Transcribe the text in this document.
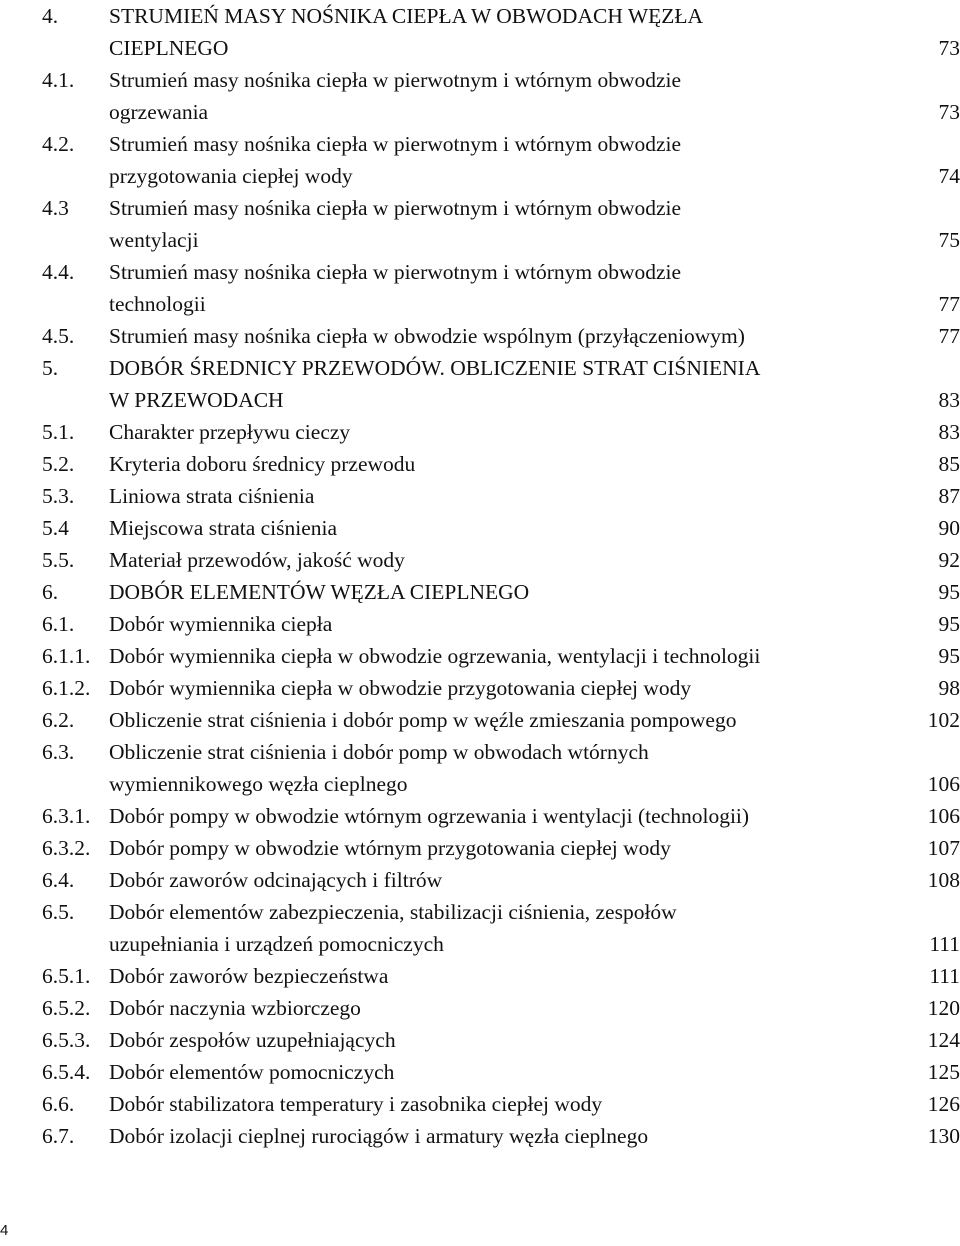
4.	STRUMIEŃ MASY NOŚNIKA CIEPŁA W OBWODACH WĘZŁA
CIEPLNEGO	73
4.1.	Strumień masy nośnika ciepła w pierwotnym i wtórnym obwodzie
ogrzewania	73
4.2.	Strumień masy nośnika ciepła w pierwotnym i wtórnym obwodzie
przygotowania ciepłej wody	74
4.3	Strumień masy nośnika ciepła w pierwotnym i wtórnym obwodzie
wentylacji	75
4.4.	Strumień masy nośnika ciepła w pierwotnym i wtórnym obwodzie
technologii	77
4.5.	Strumień masy nośnika ciepła w obwodzie wspólnym (przyłączeniowym)	77
5.	DOBÓR ŚREDNICY PRZEWODÓW. OBLICZENIE STRAT CIŚNIENIA
W PRZEWODACH	83
5.1.	Charakter przepływu cieczy	83
5.2.	Kryteria doboru średnicy przewodu	85
5.3.	Liniowa strata ciśnienia	87
5.4	Miejscowa strata ciśnienia	90
5.5.	Materiał przewodów, jakość wody	92
6.	DOBÓR ELEMENTÓW WĘZŁA CIEPLNEGO	95
6.1.	Dobór wymiennika ciepła	95
6.1.1. Dobór wymiennika ciepła w obwodzie ogrzewania, wentylacji i technologii	95
6.1.2. Dobór wymiennika ciepła w obwodzie przygotowania ciepłej wody	98
6.2.	Obliczenie strat ciśnienia i dobór pomp w węźle zmieszania pompowego	102
6.3.	Obliczenie strat ciśnienia i dobór pomp w obwodach wtórnych
wymiennikowego węzła cieplnego	106
6.3.1. Dobór pompy w obwodzie wtórnym ogrzewania i wentylacji (technologii)	106
6.3.2. Dobór pompy w obwodzie wtórnym przygotowania ciepłej wody	107
6.4.	Dobór zaworów odcinających i filtrów	108
6.5.	Dobór elementów zabezpieczenia, stabilizacji ciśnienia, zespołów
uzupełniania i urządzeń pomocniczych	111
6.5.1. Dobór zaworów bezpieczeństwa	111
6.5.2. Dobór naczynia wzbiorczego	120
6.5.3. Dobór zespołów uzupełniających	124
6.5.4. Dobór elementów pomocniczych	125
6.6.	Dobór stabilizatora temperatury i zasobnika ciepłej wody	126
6.7.	Dobór izolacji cieplnej rurociągów i armatury węzła cieplnego	130
4
